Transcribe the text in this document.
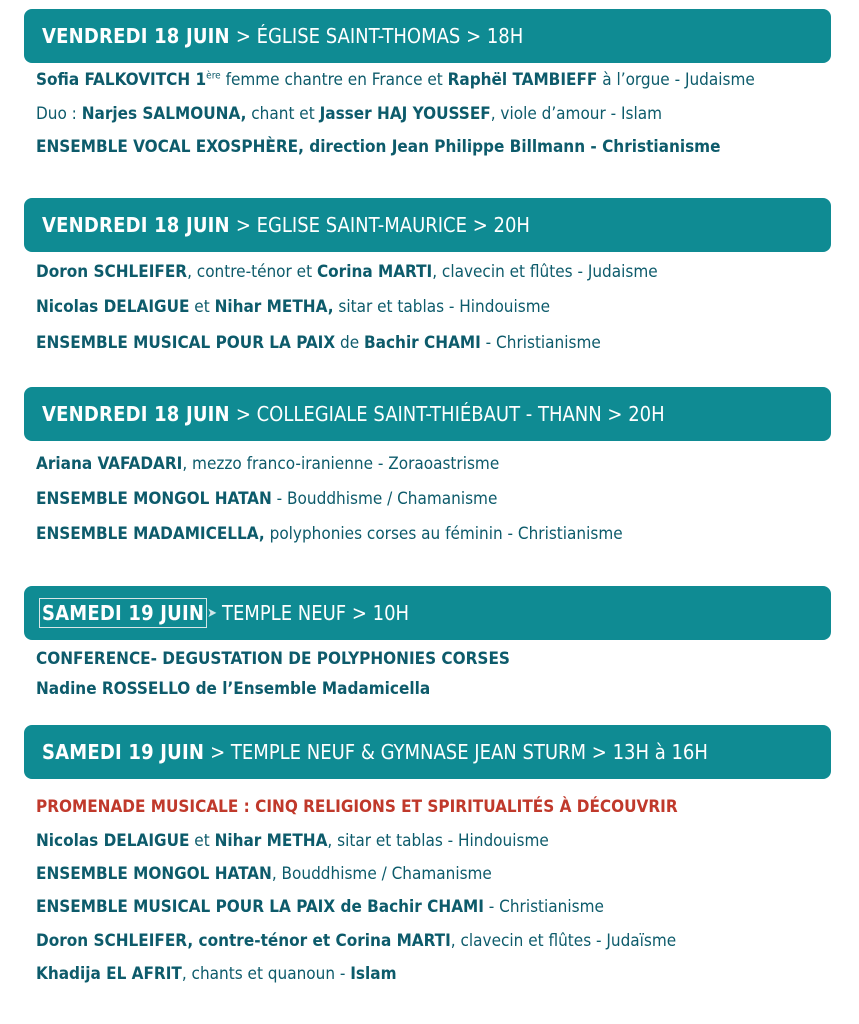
VENDREDI 18 JUIN > ÉGLISE SAINT-THOMAS > 18H
Sofia FALKOVITCH 1ère femme chantre en France et Raphël TAMBIEFF à l’orgue - Judaisme
Duo : Narjes SALMOUNA, chant et Jasser HAJ YOUSSEF, viole d’amour - Islam
ENSEMBLE VOCAL EXOSPHÈRE, direction Jean Philippe Billmann - Christianisme
VENDREDI 18 JUIN > EGLISE SAINT-MAURICE > 20H
Doron SCHLEIFER, contre-ténor et Corina MARTI, clavecin et flûtes - Judaisme
Nicolas DELAIGUE et Nihar METHA, sitar et tablas - Hindouisme
ENSEMBLE MUSICAL POUR LA PAIX de Bachir CHAMI - Christianisme
VENDREDI 18 JUIN > COLLEGIALE SAINT-THIÉBAUT - THANN > 20H
Ariana VAFADARI, mezzo franco-iranienne - Zoraoastrisme
ENSEMBLE MONGOL HATAN - Bouddhisme / Chamanisme
ENSEMBLE MADAMICELLA, polyphonies corses au féminin - Christianisme
SAMEDI 19 JUIN ➤ TEMPLE NEUF > 10H
CONFERENCE- DEGUSTATION DE POLYPHONIES CORSES
Nadine ROSSELLO de l’Ensemble Madamicella
SAMEDI 19 JUIN > TEMPLE NEUF & GYMNASE JEAN STURM > 13H à 16H
PROMENADE MUSICALE : CINQ RELIGIONS ET SPIRITUALITÉS À DÉCOUVRIR
Nicolas DELAIGUE et Nihar METHA, sitar et tablas - Hindouisme
ENSEMBLE MONGOL HATAN, Bouddhisme / Chamanisme
ENSEMBLE MUSICAL POUR LA PAIX de Bachir CHAMI - Christianisme
Doron SCHLEIFER, contre-ténor et Corina MARTI, clavecin et flûtes - Judaïsme
Khadija EL AFRIT, chants et quanoun - Islam
